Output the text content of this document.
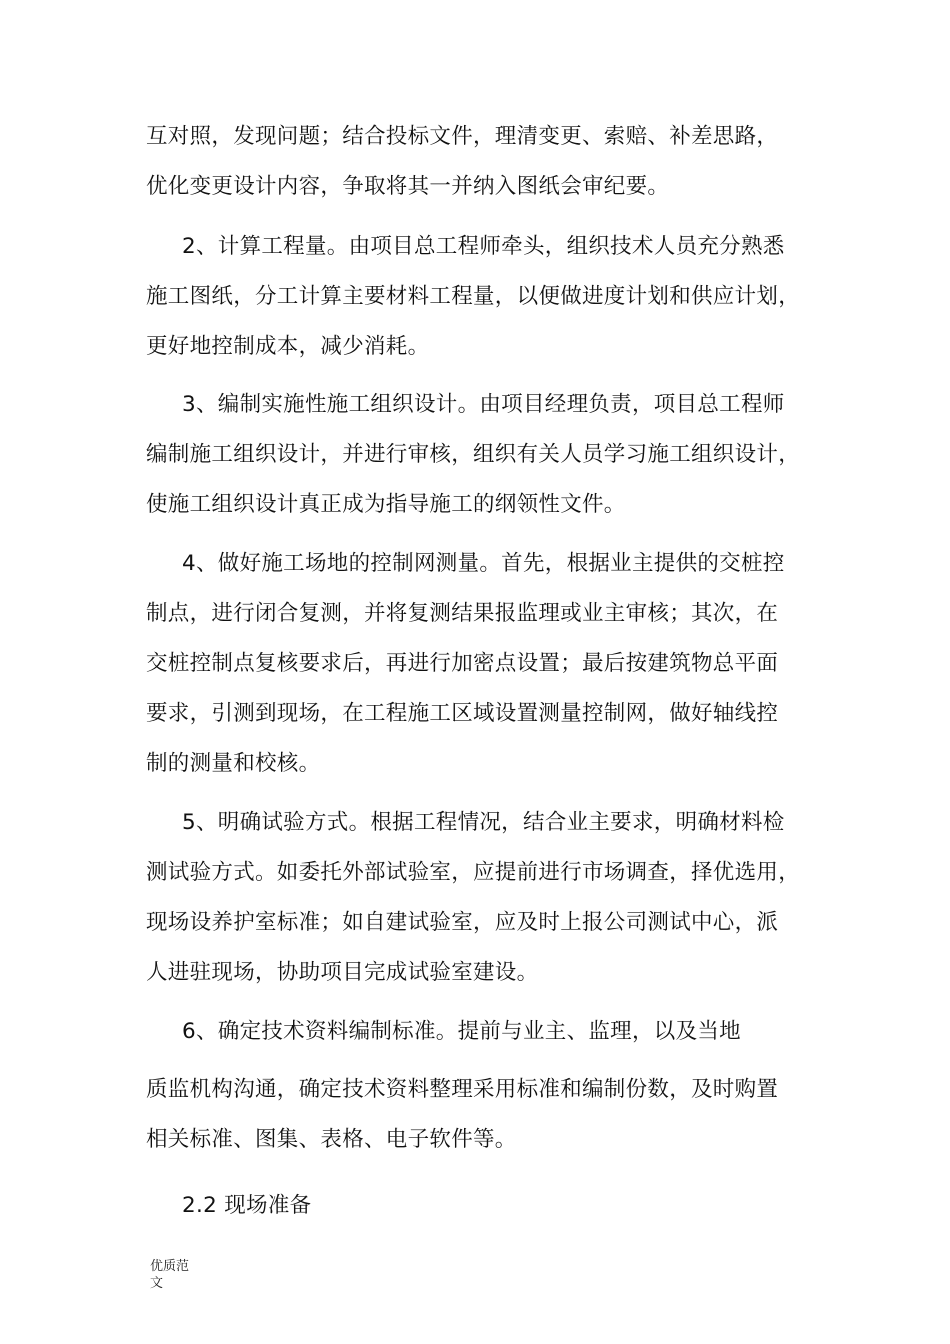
互对照，发现问题；结合投标文件，理清变更、索赔、补差思路，
优化变更设计内容，争取将其一并纳入图纸会审纪要。
2、计算工程量。由项目总工程师牵头，组织技术人员充分熟悉
施工图纸，分工计算主要材料工程量，以便做进度计划和供应计划，
更好地控制成本，减少消耗。
3、编制实施性施工组织设计。由项目经理负责，项目总工程师
编制施工组织设计，并进行审核，组织有关人员学习施工组织设计，
使施工组织设计真正成为指导施工的纲领性文件。
4、做好施工场地的控制网测量。首先，根据业主提供的交桩控
制点，进行闭合复测，并将复测结果报监理或业主审核；其次，在
交桩控制点复核要求后，再进行加密点设置；最后按建筑物总平面
要求，引测到现场，在工程施工区域设置测量控制网，做好轴线控
制的测量和校核。
5、明确试验方式。根据工程情况，结合业主要求，明确材料检
测试验方式。如委托外部试验室，应提前进行市场调查，择优选用，
现场设养护室标准；如自建试验室，应及时上报公司测试中心，派
人进驻现场，协助项目完成试验室建设。
6、确定技术资料编制标准。提前与业主、监理，以及当地
质监机构沟通，确定技术资料整理采用标准和编制份数，及时购置
相关标准、图集、表格、电子软件等。
2.2 现场准备
优质范
文
